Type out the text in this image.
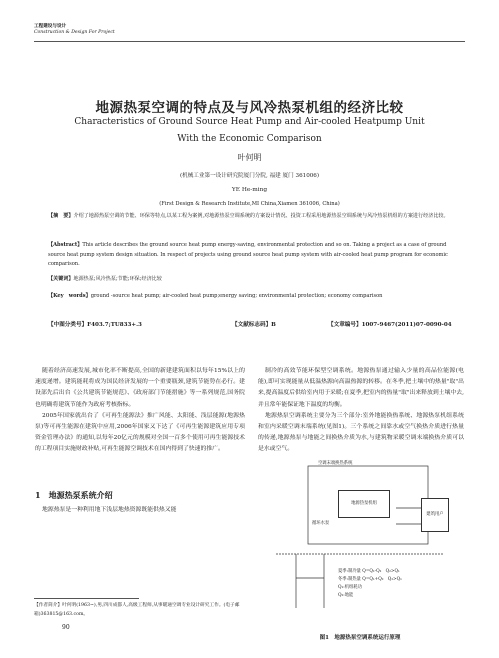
工程建设与设计
Construction & Design For Project
地源热泵空调的特点及与风冷热泵机组的经济比较
Characteristics of Ground Source Heat Pump and Air-cooled Heatpump Unit With the Economic Comparison
叶何明
(机械工业第一设计研究院厦门分院, 福建 厦门 361006)
YE He-ming
(First Design & Research Institute,MI China,Xiamen 361006, China)
【摘　要】介绍了地源热泵空调的节能、环保等特点,以某工程为案例,对地源热泵空调系统的方案设计情况、投资工程采用地源热泵空调系统与风冷热泵机组的方案进行经济比较。
【Abstract】This article describes the ground source heat pump energy-saving, environmental protection and so on. Taking a project as a case of ground source heat pump system design situation. In respect of projects using ground source heat pump system with air-cooled heat pump program for economic comparison.
【关键词】地源热泵;风冷热泵;节能;环保;经济比较
【Key　words】ground -source heat pump; air-cooled heat pump;energy saving; environmental protection; economy comparison
【中图分类号】F403.7;TU833+.3	【文献标志码】B	【文章编号】1007-9467(2011)07-0090-04

随着经济高速发展,城市化率不断提高,全国的新建建筑面积以每年15%以上的速度递增。建筑能耗将成为国民经济发展的一个重要瓶颈,建筑节能势在必行。建设部先后出台《公共建筑节能规范》、《政府部门节能措施》等一系列规范,国务院也明确将建筑节能作为政府考核指标。

2005年国家就出台了《可再生能源法》推广风能、太阳能、浅层能源(地源热泵)等可再生能源在建筑中应用,2006年国家又下达了《可再生能源建筑应用专项资金管理办法》的通知,以每年20亿元的规模对全国一百多个使用可再生能源技术的工程项目实施财政补贴,可再生能源空调技术在国内得到了快速的推广。

1　地源热泵系统介绍

地源热泵是一种利用地下浅层地热资源既能供热又能

制冷的高效节能环保型空调系统。地源热泵通过输入少量的高品位能源(电能),即可实现能量从低温热源向高温热源的转移。在冬季,把土壤中的热量"取"出来,提高温度后供给室内用于采暖;在夏季,把室内的热量"取"出来释放到土壤中去,并且常年能保证地下温度的均衡。

地源热泵空调系统主要分为三个部分:室外地能换热系统、地源热泵机组系统和室内采暖空调末端系统(见图1)。三个系统之间靠水或空气换热介质进行热量的传递,地源热泵与地能之间换热介质为水,与建筑物采暖空调末端换热介质可以是水或空气。

空调末端换热系统
地源热泵机组
建筑用户
循环水泵
夏季:制冷量 Q=Q₁-Q₂　Q₂>Q₁
冬季:制热量 Q=Q₁+Q₂　Q₂>Q₁
Q₁:机组耗功
Q₂:地能
图1　地源热泵空调系统运行原理
【作者简介】叶何明(1963~),男,四川成都人,高级工程师,从事暖通空调专业设计研究工作。(电子邮箱)363815@163.com。
90
